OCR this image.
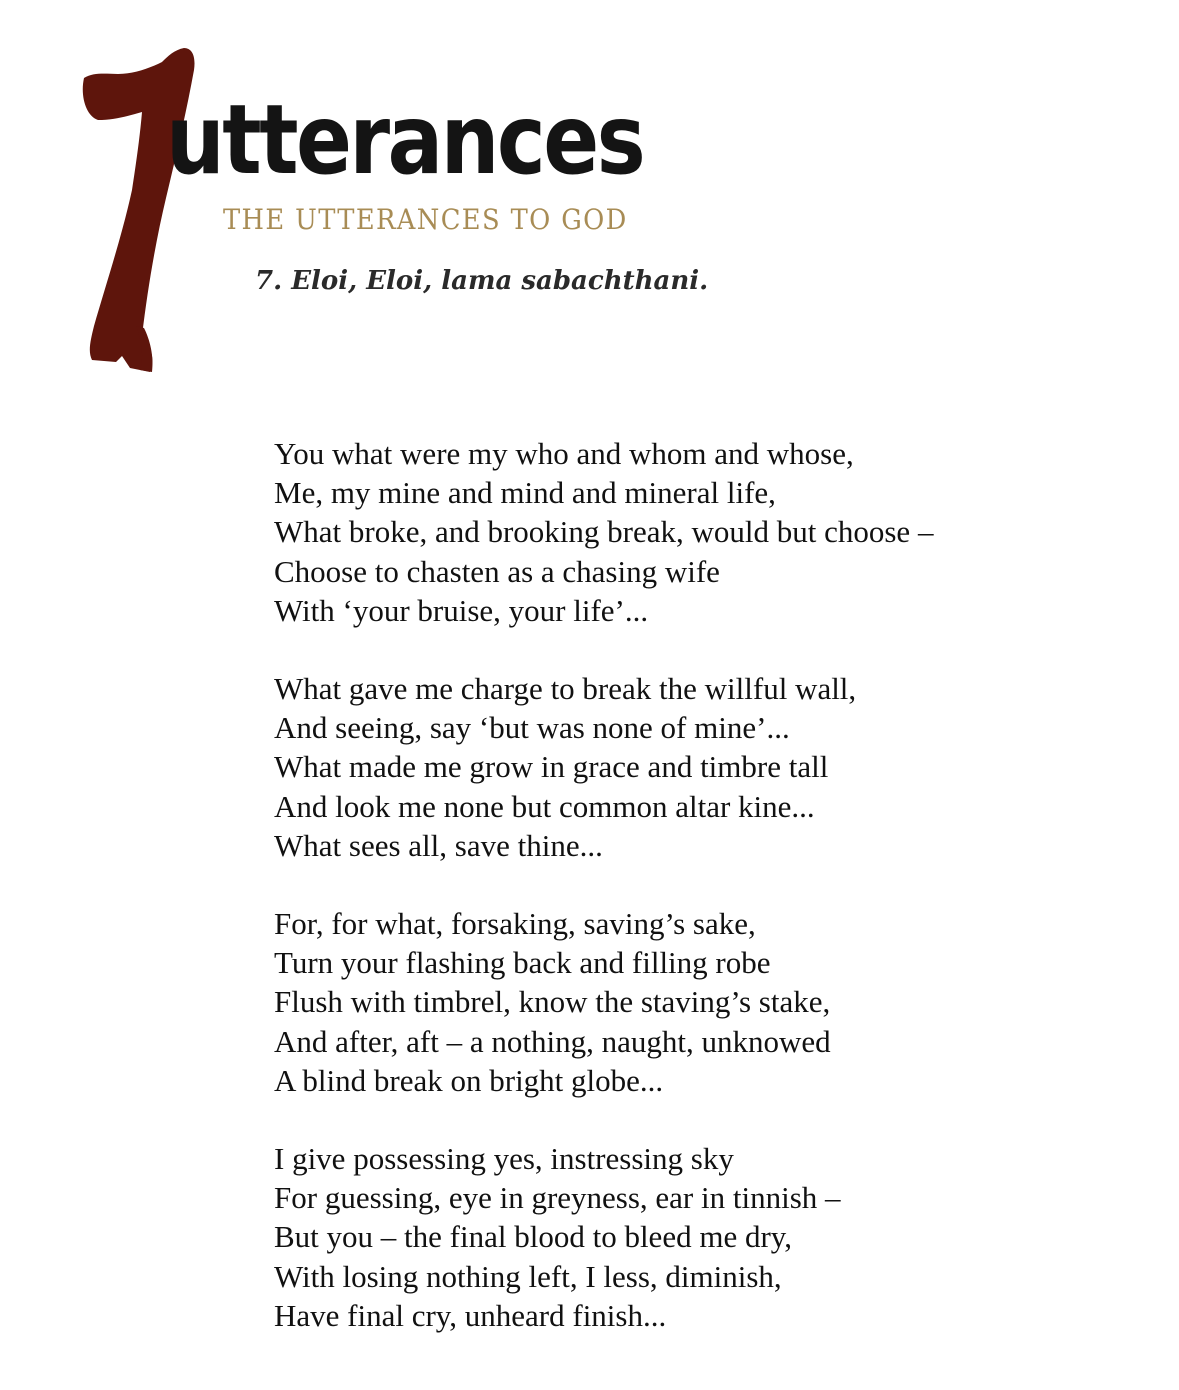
utterances
THE UTTERANCES TO GOD
7. Eloi, Eloi, lama sabachthani.
You what were my who and whom and whose,
Me, my mine and mind and mineral life,
What broke, and brooking break, would but choose –
Choose to chasten as a chasing wife
With ‘your bruise, your life’...
What gave me charge to break the willful wall,
And seeing, say ‘but was none of mine’...
What made me grow in grace and timbre tall
And look me none but common altar kine...
What sees all, save thine...
For, for what, forsaking, saving’s sake,
Turn your flashing back and filling robe
Flush with timbrel, know the staving’s stake,
And after, aft – a nothing, naught, unknowed
A blind break on bright globe...
I give possessing yes, instressing sky
For guessing, eye in greyness, ear in tinnish –
But you – the final blood to bleed me dry,
With losing nothing left, I less, diminish,
Have final cry, unheard finish...
